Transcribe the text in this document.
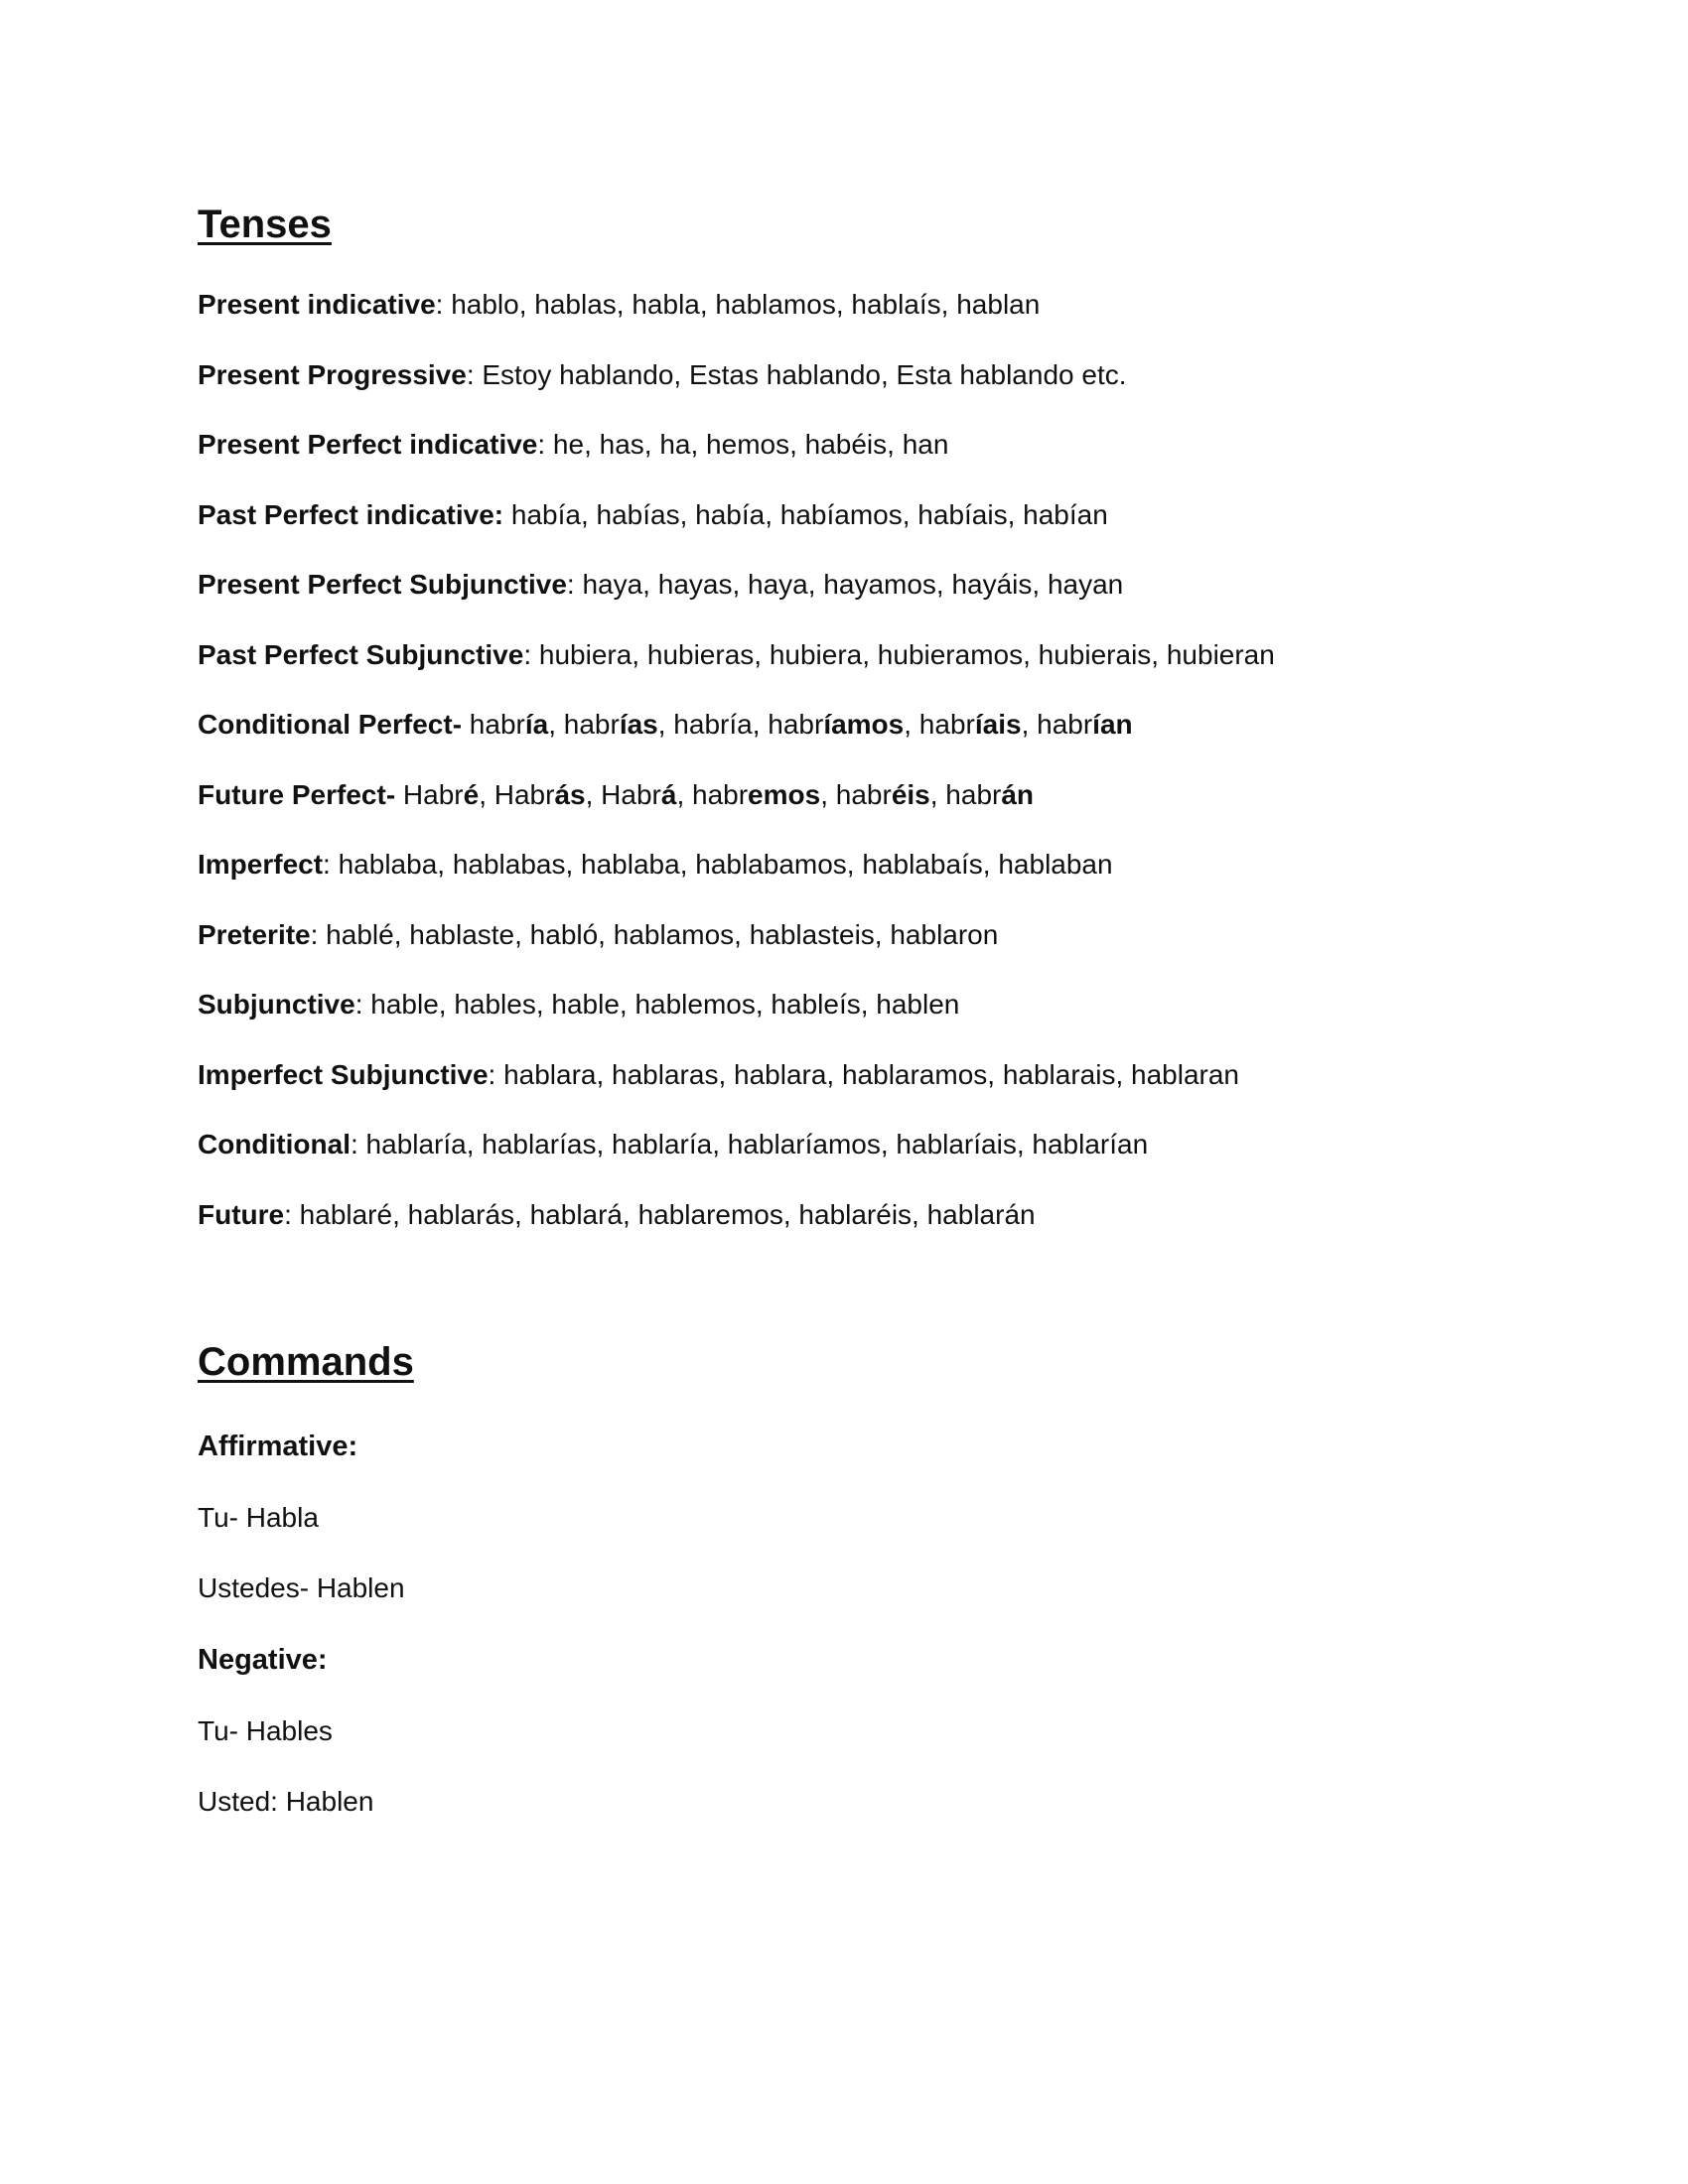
Tenses
Present indicative: hablo, hablas, habla, hablamos, hablaís, hablan
Present Progressive: Estoy hablando, Estas hablando, Esta hablando etc.
Present Perfect indicative: he, has, ha, hemos, habéis, han
Past Perfect indicative: había, habías, había, habíamos, habíais, habían
Present Perfect Subjunctive: haya, hayas, haya, hayamos, hayáis, hayan
Past Perfect Subjunctive: hubiera, hubieras, hubiera, hubieramos, hubierais, hubieran
Conditional Perfect- habría, habrías, habría, habríamos, habríais, habrían
Future Perfect- Habré, Habrás, Habrá, habremos, habréis, habrán
Imperfect: hablaba, hablabas, hablaba, hablabamos, hablabaís, hablaban
Preterite: hablé, hablaste, habló, hablamos, hablasteis, hablaron
Subjunctive: hable, hables, hable, hablemos, hableís, hablen
Imperfect Subjunctive: hablara, hablaras, hablara, hablaramos, hablarais, hablaran
Conditional: hablaría, hablarías, hablaría, hablaríamos, hablaríais, hablarían
Future: hablaré, hablarás, hablará, hablaremos, hablaréis, hablarán
Commands
Affirmative:
Tu- Habla
Ustedes- Hablen
Negative:
Tu- Hables
Usted: Hablen
